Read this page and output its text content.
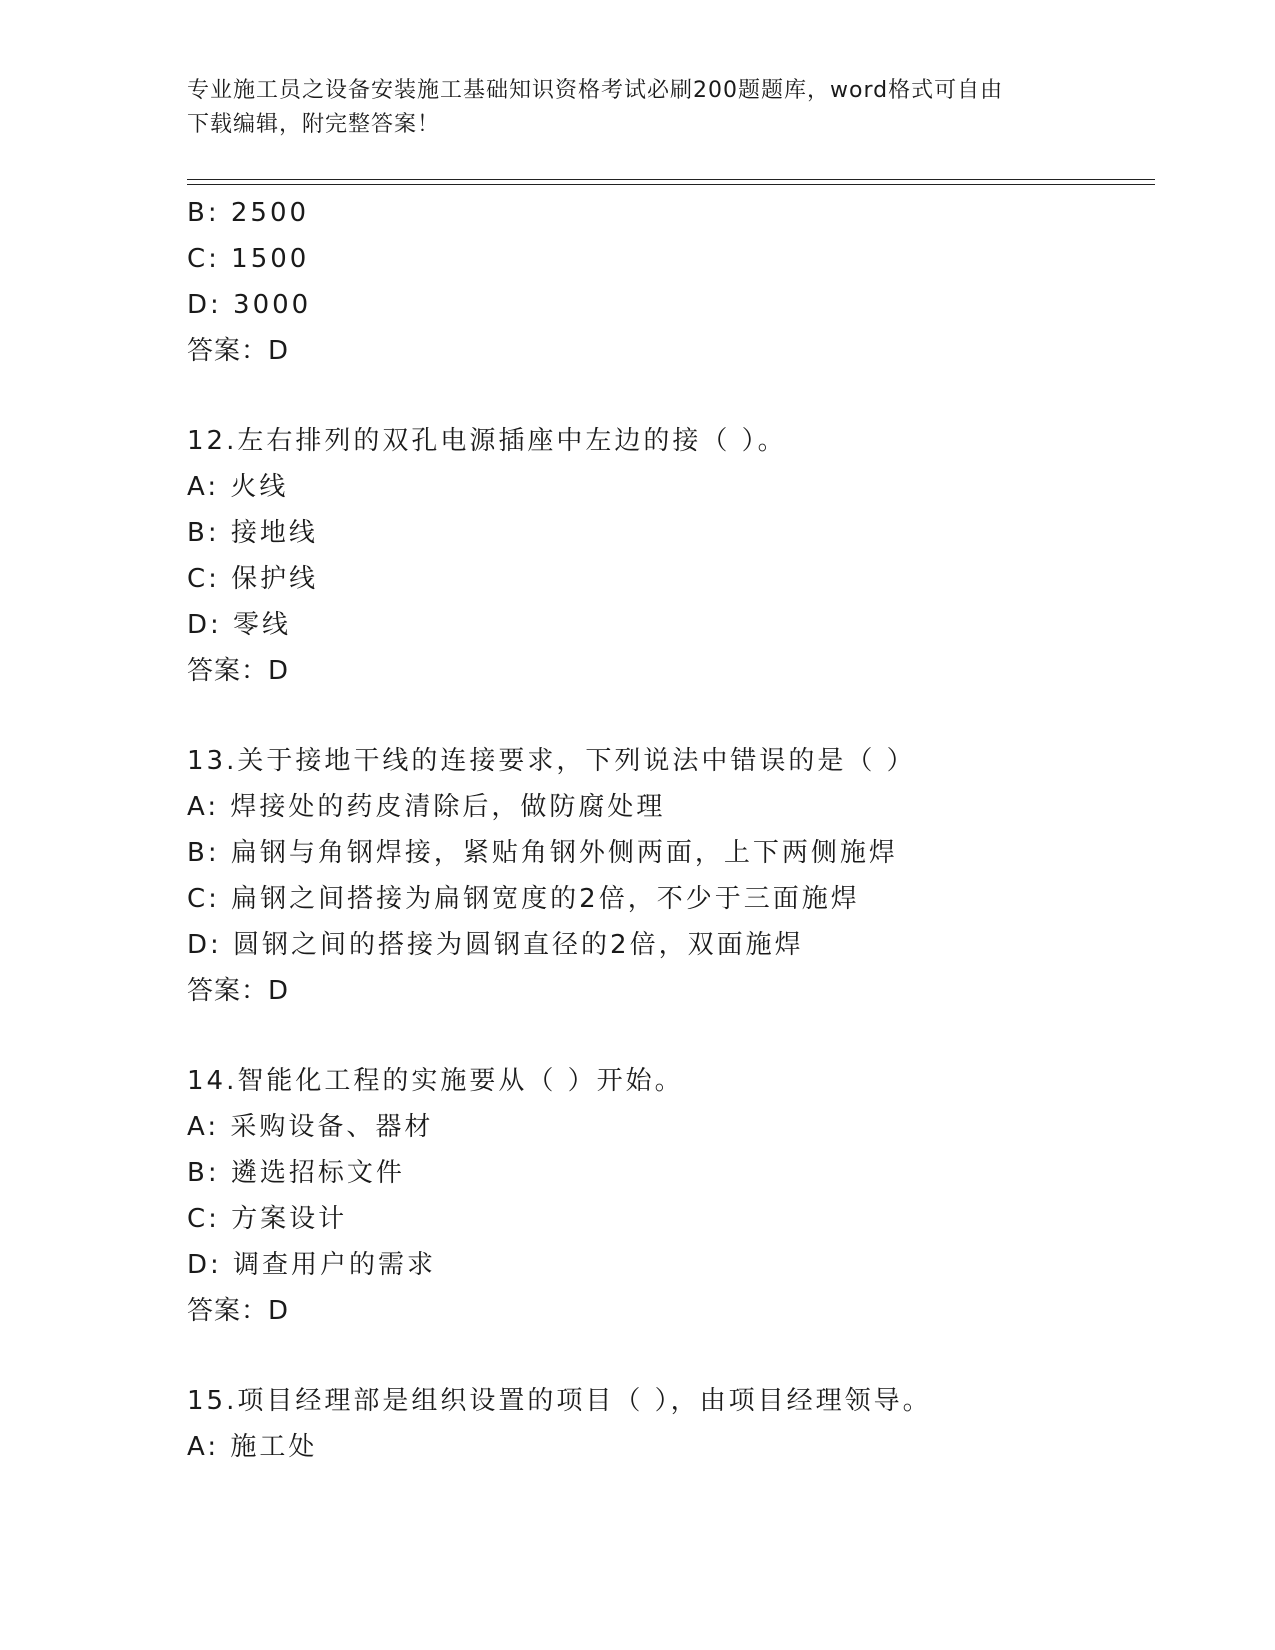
专业施工员之设备安装施工基础知识资格考试必刷200题题库，word格式可自由
下载编辑，附完整答案！
B: 2500
C: 1500
D: 3000
答案：D
12.左右排列的双孔电源插座中左边的接（ ）。
A: 火线
B: 接地线
C: 保护线
D: 零线
答案：D
13.关于接地干线的连接要求，下列说法中错误的是（ ）
A: 焊接处的药皮清除后，做防腐处理
B: 扁钢与角钢焊接，紧贴角钢外侧两面，上下两侧施焊
C: 扁钢之间搭接为扁钢宽度的2倍，不少于三面施焊
D: 圆钢之间的搭接为圆钢直径的2倍，双面施焊
答案：D
14.智能化工程的实施要从（ ）开始。
A: 采购设备、器材
B: 遴选招标文件
C: 方案设计
D: 调查用户的需求
答案：D
15.项目经理部是组织设置的项目（ ），由项目经理领导。
A: 施工处
